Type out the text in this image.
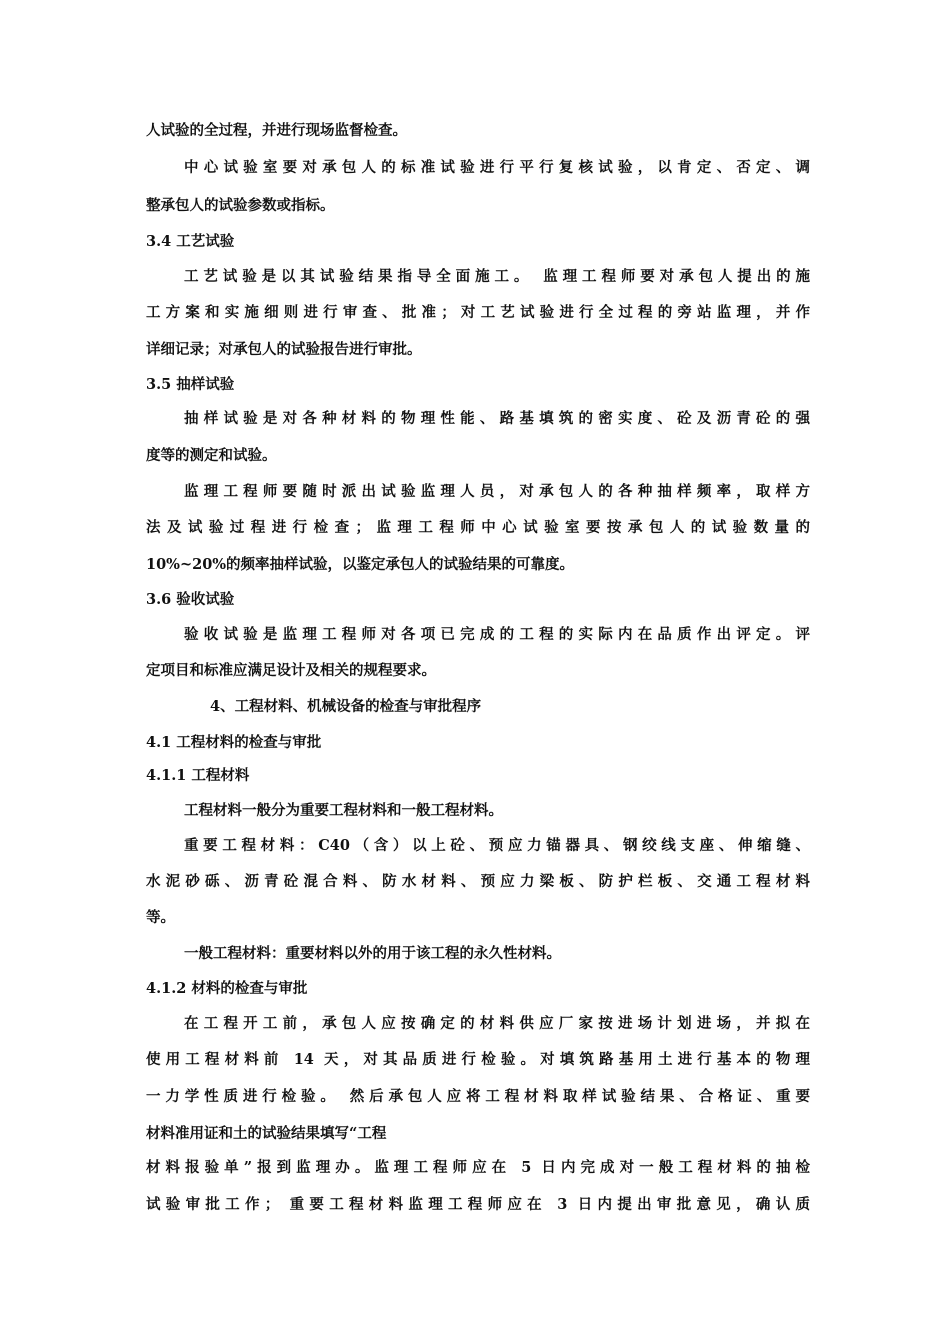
人试验的全过程，并进行现场监督检查。
中心试验室要对承包人的标准试验进行平行复核试验，以肯定、否定、调
整承包人的试验参数或指标。
3.4 工艺试验
工艺试验是以其试验结果指导全面施工。 监理工程师要对承包人提出的施
工方案和实施细则进行审查、批准；对工艺试验进行全过程的旁站监理，并作
详细记录；对承包人的试验报告进行审批。
3.5 抽样试验
抽样试验是对各种材料的物理性能、路基填筑的密实度、砼及沥青砼的强
度等的测定和试验。
监理工程师要随时派出试验监理人员，对承包人的各种抽样频率，取样方
法及试验过程进行检查；监理工程师中心试验室要按承包人的试验数量的
10%~20%的频率抽样试验，以鉴定承包人的试验结果的可靠度。
3.6 验收试验
验收试验是监理工程师对各项已完成的工程的实际内在品质作出评定。评
定项目和标准应满足设计及相关的规程要求。
4、工程材料、机械设备的检查与审批程序
4.1 工程材料的检查与审批
4.1.1 工程材料
工程材料一般分为重要工程材料和一般工程材料。
重要工程材料：C40（含）以上砼、预应力锚器具、钢绞线支座、伸缩缝、
水泥砂砾、沥青砼混合料、防水材料、预应力梁板、防护栏板、交通工程材料
等。
一般工程材料：重要材料以外的用于该工程的永久性材料。
4.1.2 材料的检查与审批
在工程开工前，承包人应按确定的材料供应厂家按进场计划进场，并拟在
使用工程材料前 14 天，对其品质进行检验。对填筑路基用土进行基本的物理
一力学性质进行检验。 然后承包人应将工程材料取样试验结果、合格证、重要
材料准用证和土的试验结果填写“工程
材料报验单”报到监理办。监理工程师应在 5 日内完成对一般工程材料的抽检
试验审批工作； 重要工程材料监理工程师应在 3 日内提出审批意见，确认质
